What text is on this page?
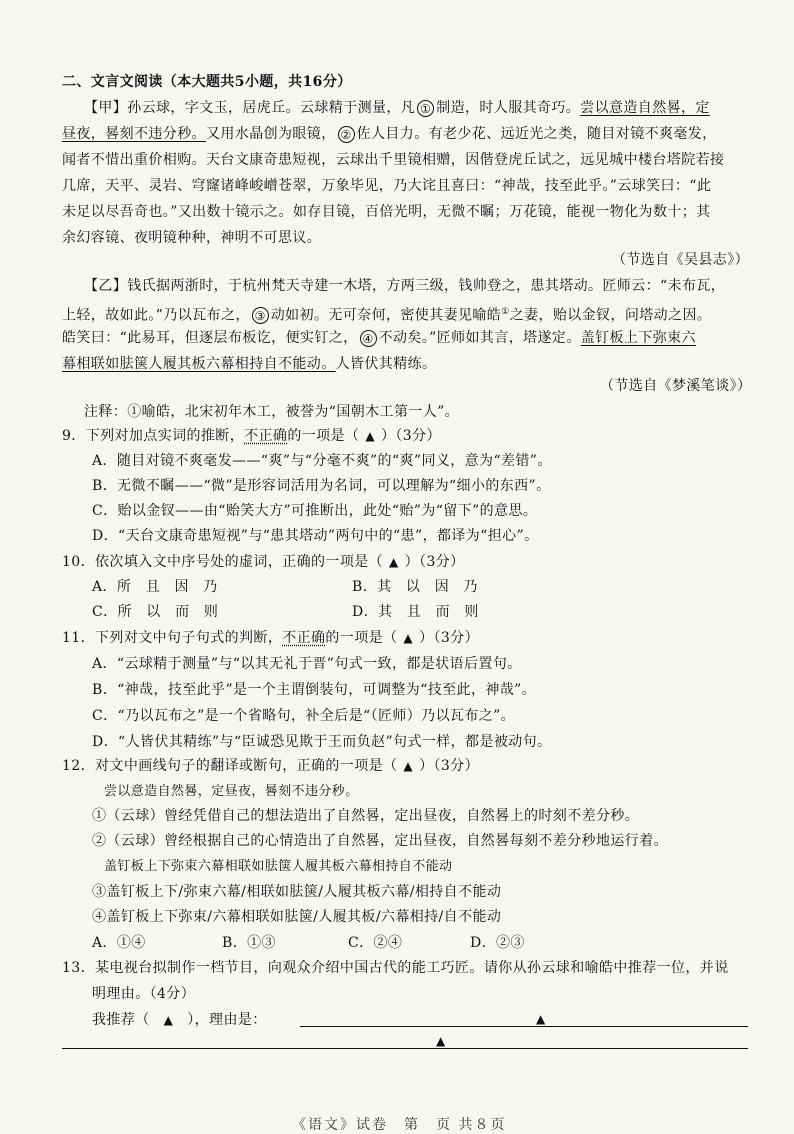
二、文言文阅读（本大题共5小题，共16分）
【甲】孙云球，字文玉，居虎丘。云球精于测量，凡 ① 制造，时人服其奇巧。尝以意造自然晷，定
昼夜，晷刻不违分秒。又用水晶创为眼镜， ② 佐人目力。有老少花、远近光之类，随目对镜不爽毫发，
闻者不惜出重价相购。天台文康奇患短视，云球出千里镜相赠，因偕登虎丘试之，远见城中楼台塔院若接
几席，天平、灵岩、穹窿诸峰峻嶒苍翠，万象毕见，乃大诧且喜曰：“神哉，技至此乎。”云球笑曰：“此
未足以尽吾奇也。”又出数十镜示之。如存目镜，百倍光明，无微不瞩；万花镜，能视一物化为数十；其
余幻容镜、夜明镜种种，神明不可思议。
（节选自《吴县志》）
【乙】钱氏据两浙时，于杭州梵天寺建一木塔，方两三级，钱帅登之，患其塔动。匠师云：“未布瓦，
上轻，故如此。”乃以瓦布之， ③ 动如初。无可奈何，密使其妻见喻皓①之妻，贻以金钗，问塔动之因。
皓笑曰：“此易耳，但逐层布板讫，便实钉之， ④ 不动矣。”匠师如其言，塔遂定。盖钉板上下弥束六
幕相联如胠箧人履其板六幕相持自不能动。人皆伏其精练。
（节选自《梦溪笔谈》）
注释：①喻皓，北宋初年木工，被誉为“国朝木工第一人”。
9．下列对加点实词的推断，不正确的一项是（ ▲ ）（3分）
A．随目对镜不爽毫发——“爽”与“分毫不爽”的“爽”同义，意为“差错”。
B．无微不瞩——“微”是形容词活用为名词，可以理解为“细小的东西”。
C．贻以金钗——由“贻笑大方”可推断出，此处“贻”为“留下”的意思。
D．“天台文康奇患短视”与“患其塔动”两句中的“患”，都译为“担心”。
10．依次填入文中序号处的虚词，正确的一项是（ ▲ ）（3分）
A．所　且　因　乃	B．其　以　因　乃
C．所　以　而　则	D．其　且　而　则
11．下列对文中句子句式的判断，不正确的一项是（ ▲ ）（3分）
A．“云球精于测量”与“以其无礼于晋”句式一致，都是状语后置句。
B．“神哉，技至此乎”是一个主谓倒装句，可调整为“技至此，神哉”。
C．“乃以瓦布之”是一个省略句，补全后是“（匠师）乃以瓦布之”。
D．“人皆伏其精练”与“臣诚恐见欺于王而负赵”句式一样，都是被动句。
12．对文中画线句子的翻译或断句，正确的一项是（ ▲ ）（3分）
尝以意造自然晷，定昼夜，晷刻不违分秒。
①（云球）曾经凭借自己的想法造出了自然晷，定出昼夜，自然晷上的时刻不差分秒。
②（云球）曾经根据自己的心情造出了自然晷，定出昼夜，自然晷每刻不差分秒地运行着。
盖钉板上下弥束六幕相联如胠箧人履其板六幕相持自不能动
③盖钉板上下/弥束六幕/相联如胠箧/人履其板六幕/相持自不能动
④盖钉板上下弥束/六幕相联如胠箧/人履其板/六幕相持/自不能动
A．①④	B．①③	C．②④	D．②③
13．某电视台拟制作一档节目，向观众介绍中国古代的能工巧匠。请你从孙云球和喻皓中推荐一位，并说
明理由。（4分）
我推荐（ ▲ ），理由是：	▲
▲
《语文》试卷　第　页 共８页
